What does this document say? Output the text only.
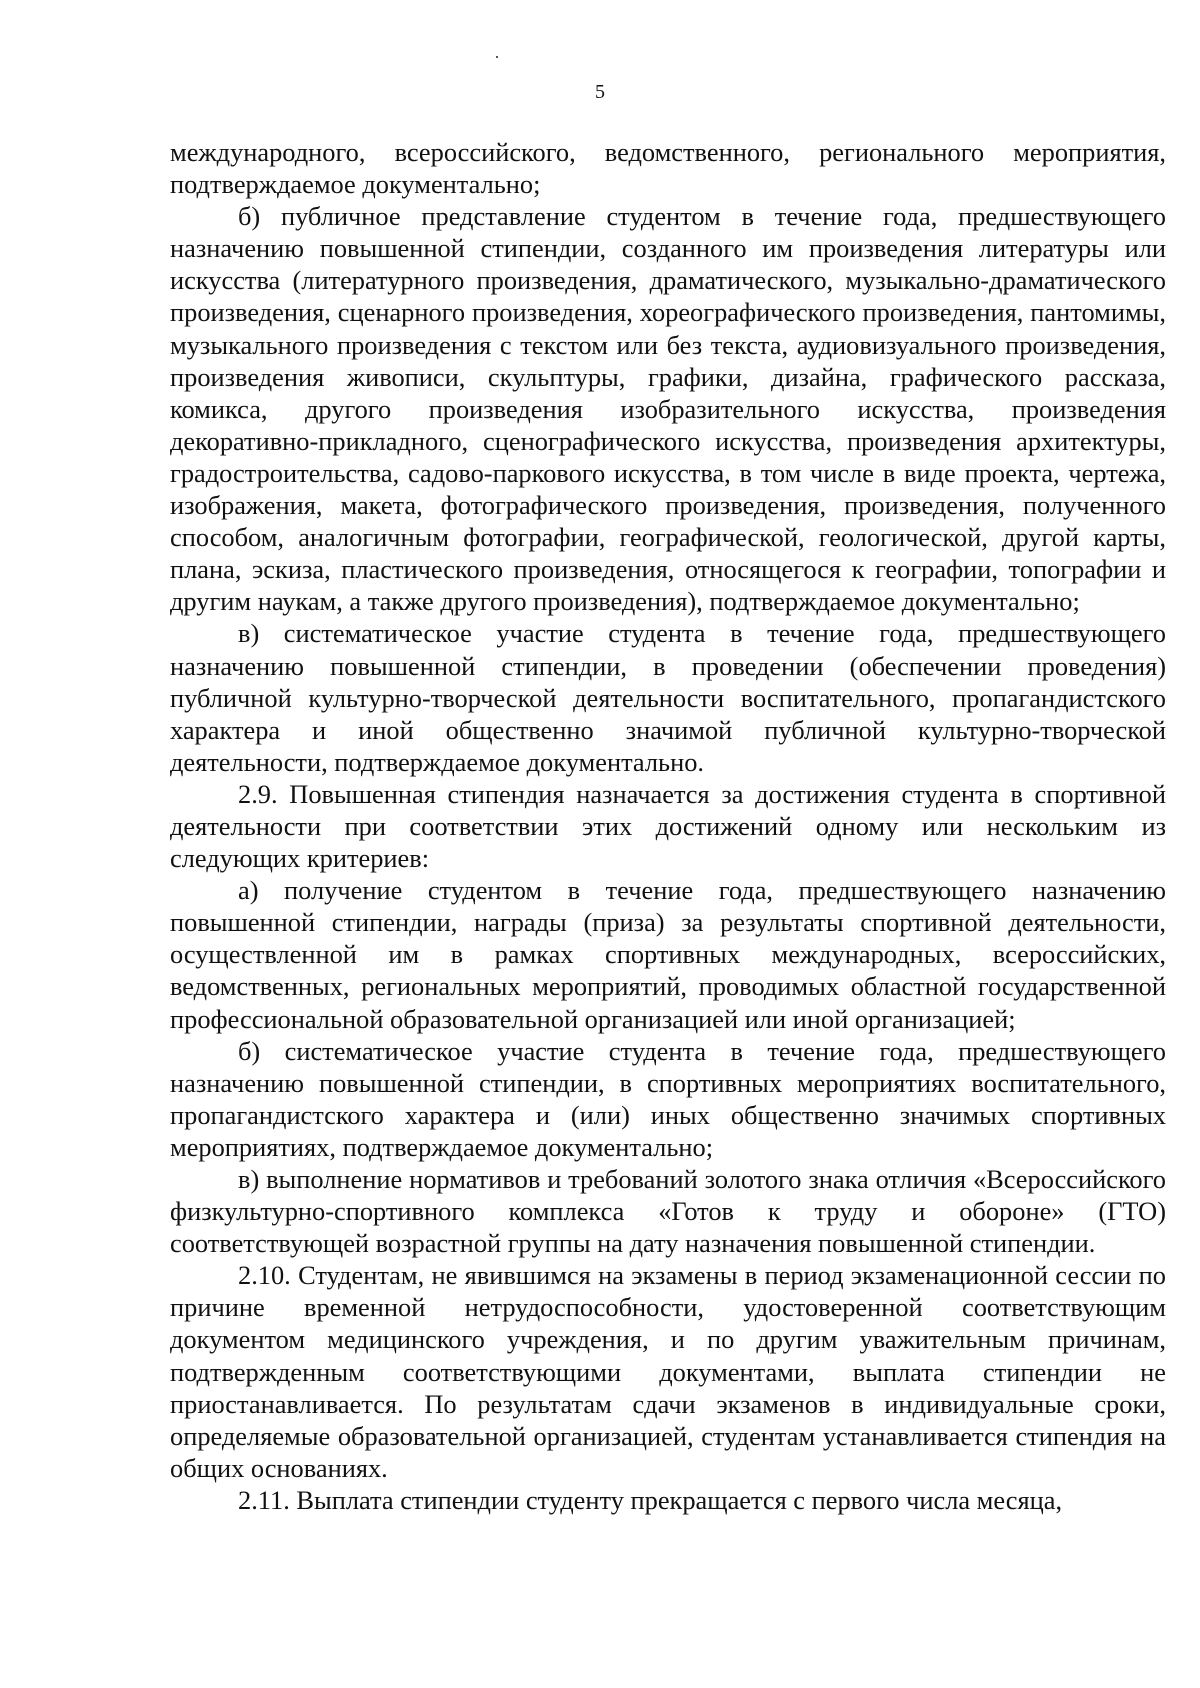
5

международного, всероссийского, ведомственного, регионального мероприятия, подтверждаемое документально;

б) публичное представление студентом в течение года, предшествующего назначению повышенной стипендии, созданного им произведения литературы или искусства (литературного произведения, драматического, музыкально-драматического произведения, сценарного произведения, хореографического произведения, пантомимы, музыкального произведения с текстом или без текста, аудиовизуального произведения, произведения живописи, скульптуры, графики, дизайна, графического рассказа, комикса, другого произведения изобразительного искусства, произведения декоративно-прикладного, сценографического искусства, произведения архитектуры, градостроительства, садово-паркового искусства, в том числе в виде проекта, чертежа, изображения, макета, фотографического произведения, произведения, полученного способом, аналогичным фотографии, географической, геологической, другой карты, плана, эскиза, пластического произведения, относящегося к географии, топографии и другим наукам, а также другого произведения), подтверждаемое документально;

в) систематическое участие студента в течение года, предшествующего назначению повышенной стипендии, в проведении (обеспечении проведения) публичной культурно-творческой деятельности воспитательного, пропагандистского характера и иной общественно значимой публичной культурно-творческой деятельности, подтверждаемое документально.

2.9. Повышенная стипендия назначается за достижения студента в спортивной деятельности при соответствии этих достижений одному или нескольким из следующих критериев:

а) получение студентом в течение года, предшествующего назначению повышенной стипендии, награды (приза) за результаты спортивной деятельности, осуществленной им в рамках спортивных международных, всероссийских, ведомственных, региональных мероприятий, проводимых областной государственной профессиональной образовательной организацией или иной организацией;

б) систематическое участие студента в течение года, предшествующего назначению повышенной стипендии, в спортивных мероприятиях воспитательного, пропагандистского характера и (или) иных общественно значимых спортивных мероприятиях, подтверждаемое документально;

в) выполнение нормативов и требований золотого знака отличия «Всероссийского физкультурно-спортивного комплекса «Готов к труду и обороне» (ГТО) соответствующей возрастной группы на дату назначения повышенной стипендии.

2.10. Студентам, не явившимся на экзамены в период экзаменационной сессии по причине временной нетрудоспособности, удостоверенной соответствующим документом медицинского учреждения, и по другим уважительным причинам, подтвержденным соответствующими документами, выплата стипендии не приостанавливается. По результатам сдачи экзаменов в индивидуальные сроки, определяемые образовательной организацией, студентам устанавливается стипендия на общих основаниях.

2.11. Выплата стипендии студенту прекращается с первого числа месяца,
